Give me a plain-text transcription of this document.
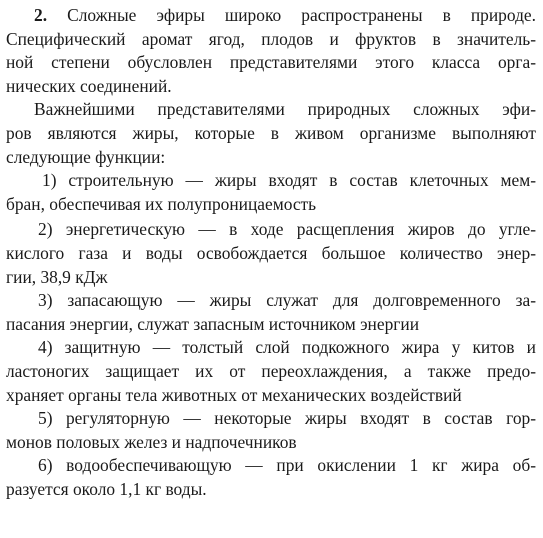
2. Сложные эфиры широко распространены в природе.
Специфический аромат ягод, плодов и фруктов в значитель-
ной степени обусловлен представителями этого класса орга-
нических соединений.
Важнейшими представителями природных сложных эфи-
ров являются жиры, которые в живом организме выполняют
следующие функции:
1) строительную — жиры входят в состав клеточных мем-
бран, обеспечивая их полупроницаемость
2) энергетическую — в ходе расщепления жиров до угле-
кислого газа и воды освобождается большое количество энер-
гии, 38,9 кДж
3) запасающую — жиры служат для долговременного за-
пасания энергии, служат запасным источником энергии
4) защитную — толстый слой подкожного жира у китов и
ластоногих защищает их от переохлаждения, а также предо-
храняет органы тела животных от механических воздействий
5) регуляторную — некоторые жиры входят в состав гор-
монов половых желез и надпочечников
6) водообеспечивающую — при окислении 1 кг жира об-
разуется около 1,1 кг воды.
